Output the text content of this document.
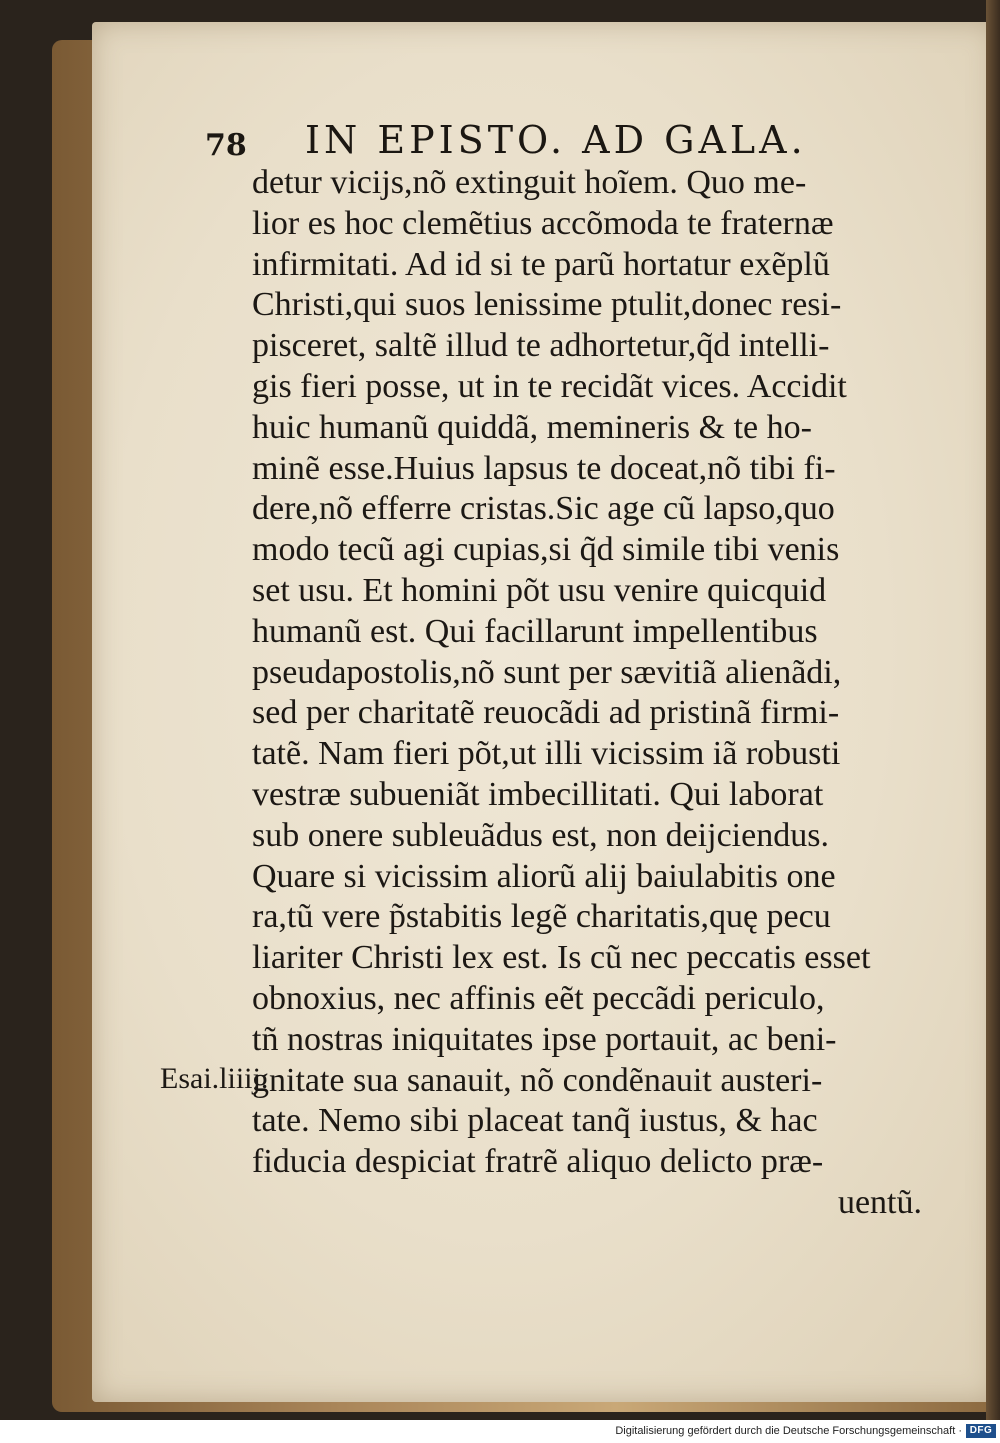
78 IN EPISTO. AD GALA.
detur vicijs,nõ extinguit hoĩem. Quo me-
lior es hoc clemẽtius accõmoda te fraternæ
infirmitati. Ad id si te parũ hortatur exẽplũ
Christi,qui suos lenissime ptulit,donec resi-
pisceret, saltẽ illud te adhortetur,q̃d intelli-
gis fieri posse, ut in te recidãt vices. Accidit
huic humanũ quiddã, memineris & te ho-
minẽ esse.Huius lapsus te doceat,nõ tibi fi-
dere,nõ efferre cristas.Sic age cũ lapso,quo
modo tecũ agi cupias,si q̃d simile tibi venis
set usu. Et homini põt usu venire quicquid
humanũ est. Qui facillarunt impellentibus
pseudapostolis,nõ sunt per sævitiã alienãdi,
sed per charitatẽ reuocãdi ad pristinã firmi-
tatẽ. Nam fieri põt,ut illi vicissim iã robusti
vestræ subueniãt imbecillitati. Qui laborat
sub onere subleuãdus est, non deijciendus.
Quare si vicissim aliorũ alij baiulabitis one
ra,tũ vere p̃stabitis legẽ charitatis,quę pecu
liariter Christi lex est. Is cũ nec peccatis esset
obnoxius, nec affinis eẽt peccãdi periculo,
tñ nostras iniquitates ipse portauit, ac beni-
gnitate sua sanauit, nõ condẽnauit austeri-
tate. Nemo sibi placeat tanq̃ iustus, & hac
fiducia despiciat fratrẽ aliquo delicto præ-
uentũ.
Esai.liiij.
Digitalisierung gefördert durch die Deutsche Forschungsgemeinschaft · DFG
